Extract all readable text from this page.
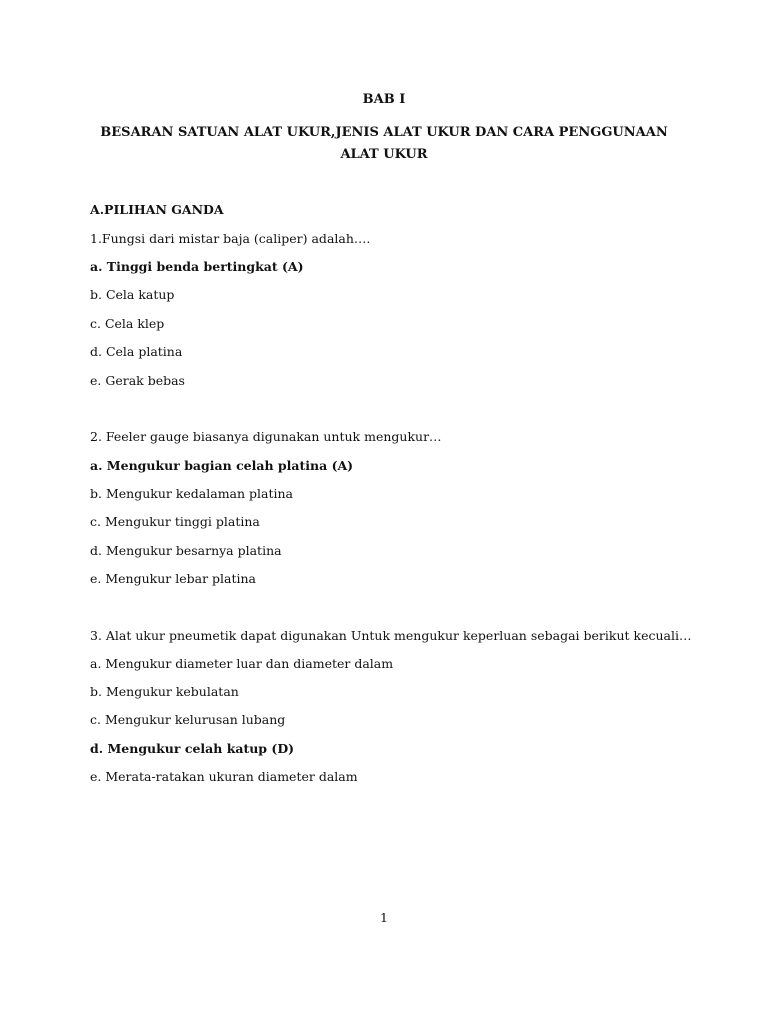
BAB I
BESARAN SATUAN ALAT UKUR,JENIS ALAT UKUR DAN CARA PENGGUNAAN ALAT UKUR
A.PILIHAN GANDA
1.Fungsi dari mistar baja (caliper) adalah….
a. Tinggi benda bertingkat (A)
b. Cela katup
c. Cela klep
d. Cela platina
e. Gerak bebas
2. Feeler gauge biasanya digunakan untuk mengukur…
a. Mengukur bagian celah platina (A)
b. Mengukur kedalaman platina
c. Mengukur tinggi platina
d. Mengukur besarnya platina
e. Mengukur lebar platina
3. Alat ukur pneumetik dapat digunakan Untuk mengukur keperluan sebagai berikut kecuali…
a. Mengukur diameter luar dan diameter dalam
b. Mengukur kebulatan
c. Mengukur kelurusan lubang
d. Mengukur celah katup (D)
e. Merata-ratakan ukuran diameter dalam
1
